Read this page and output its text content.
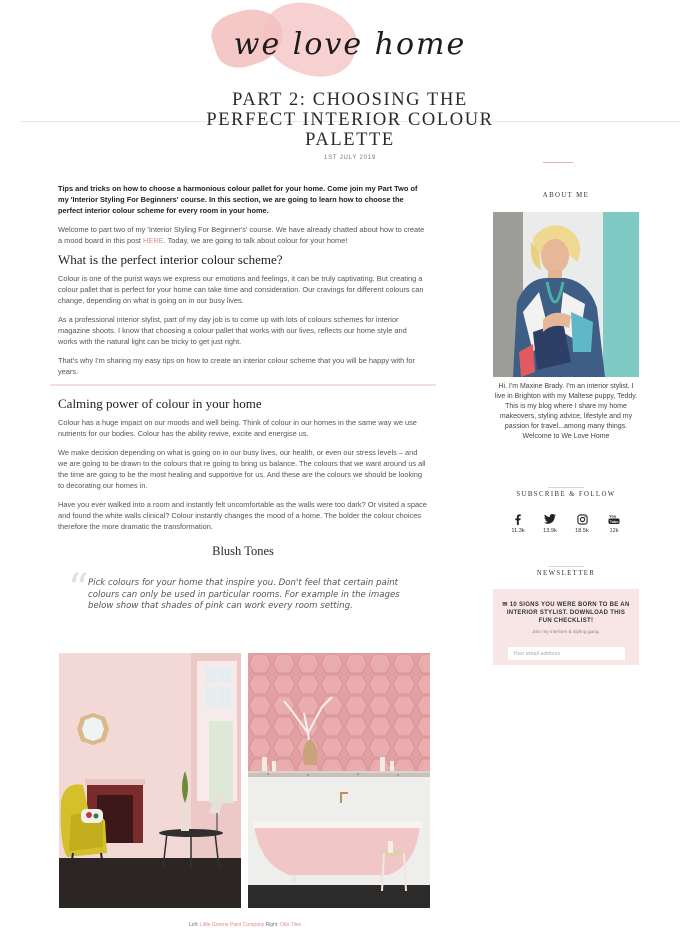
we love home
PART 2: CHOOSING THE PERFECT INTERIOR COLOUR PALETTE
1ST JULY 2019

Tips and tricks on how to choose a harmonious colour pallet for your home. Come join my Part Two of my 'Interior Styling For Beginners' course. In this section, we are going to learn how to choose the perfect interior colour scheme for every room in your home.

Welcome to part two of my 'Interior Styling For Beginner's' course. We have already chatted about how to create a mood board in this post HERE. Today, we are going to talk about colour for your home!

What is the perfect interior colour scheme?

Colour is one of the purist ways we express our emotions and feelings, it can be truly captivating. But creating a colour pallet that is perfect for your home can take time and consideration. Our cravings for different colours can change, depending on what is going on in our busy lives.

As a professional interior stylist, part of my day job is to come up with lots of colours schemes for interior magazine shoots. I know that choosing a colour pallet that works with our lives, reflects our home style and works with the natural light can be tricky to get just right.

That's why I'm sharing my easy tips on how to create an interior colour scheme that you will be happy with for years.

Calming power of colour in your home

Colour has a huge impact on our moods and well being. Think of colour in our homes in the same way we use nutrients for our bodies. Colour has the ability revive, excite and energise us.

We make decision depending on what is going on in our busy lives, our health, or even our stress levels – and we are going to be drawn to the colours that re going to bring us balance. The colours that we want around us all the time are going to be the most healing and supportive for us. And these are the colours we should be looking to decorating our homes in.

Have you ever walked into a room and instantly felt uncomfortable as the walls were too dark? Or visited a space and found the white walls clinical? Colour instantly changes the mood of a home. The bolder the colour choices therefore the more dramatic the transformation.

Blush Tones
“ Pick colours for your home that inspire you. Don't feel that certain paint colours can only be used in particular rooms. For example in the images below show that shades of pink can work every room setting.

Left: Little Greene Paint Company Right: Otto Tiles
ABOUT ME
Hi. I'm Maxine Brady. I'm an interior stylist. I live in Brighton with my Maltese puppy, Teddy. This is my blog where I share my home makeovers, styling advice, lifestyle and my passion for travel...among many things. Welcome to We Love Home
SUBSCRIBE & FOLLOW
11.3k	13.9k	18.5k
You
Tube
12k
NEWSLETTER
✉ 10 SIGNS YOU WERE BORN TO BE AN INTERIOR STYLIST. DOWNLOAD THIS FUN CHECKLIST!
Join my interiors & styling gang.
Your email address
